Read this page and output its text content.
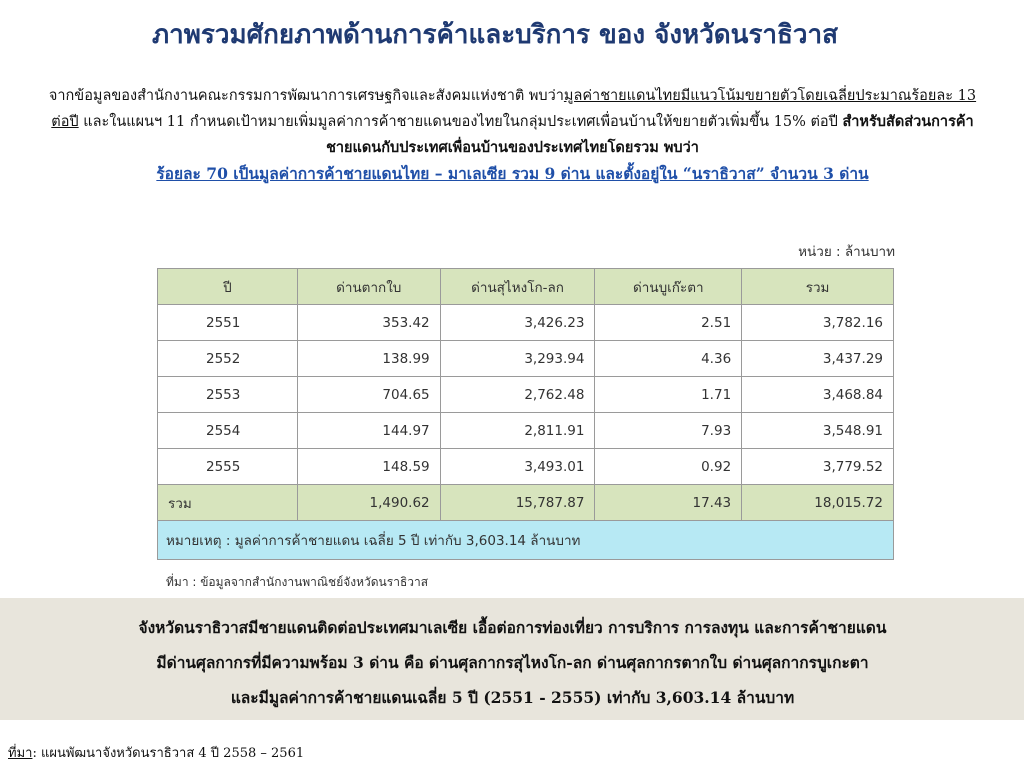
ภาพรวมศักยภาพด้านการค้าและบริการ ของ จังหวัดนราธิวาส
จากข้อมูลของสำนักงานคณะกรรมการพัฒนาการเศรษฐกิจและสังคมแห่งชาติ พบว่ามูลค่าชายแดนไทยมีแนวโน้มขยายตัวโดยเฉลี่ยประมาณร้อยละ 13 ต่อปี และในแผนฯ 11 กำหนดเป้าหมายเพิ่มมูลค่าการค้าชายแดนของไทยในกลุ่มประเทศเพื่อนบ้านให้ขยายตัวเพิ่มขึ้น 15% ต่อปี สำหรับสัดส่วนการค้าชายแดนกับประเทศเพื่อนบ้านของประเทศไทยโดยรวม พบว่า
ร้อยละ 70 เป็นมูลค่าการค้าชายแดนไทย – มาเลเซีย รวม 9 ด่าน และตั้งอยู่ใน “นราธิวาส” จำนวน 3 ด่าน
หน่วย : ล้านบาท
ปี	ด่านตากใบ	ด่านสุไหงโก-ลก	ด่านบูเก๊ะตา	รวม
2551	353.42	3,426.23	2.51	3,782.16
2552	138.99	3,293.94	4.36	3,437.29
2553	704.65	2,762.48	1.71	3,468.84
2554	144.97	2,811.91	7.93	3,548.91
2555	148.59	3,493.01	0.92	3,779.52
รวม	1,490.62	15,787.87	17.43	18,015.72
หมายเหตุ : มูลค่าการค้าชายแดน เฉลี่ย 5 ปี เท่ากับ 3,603.14 ล้านบาท				
ที่มา : ข้อมูลจากสำนักงานพาณิชย์จังหวัดนราธิวาส
จังหวัดนราธิวาสมีชายแดนติดต่อประเทศมาเลเซีย เอื้อต่อการท่องเที่ยว การบริการ การลงทุน และการค้าชายแดน
มีด่านศุลกากรที่มีความพร้อม 3 ด่าน คือ ด่านศุลกากรสุไหงโก-ลก ด่านศุลกากรตากใบ ด่านศุลกากรบูเกะตา
และมีมูลค่าการค้าชายแดนเฉลี่ย 5 ปี (2551 - 2555) เท่ากับ 3,603.14 ล้านบาท
ที่มา: แผนพัฒนาจังหวัดนราธิวาส 4 ปี 2558 – 2561
